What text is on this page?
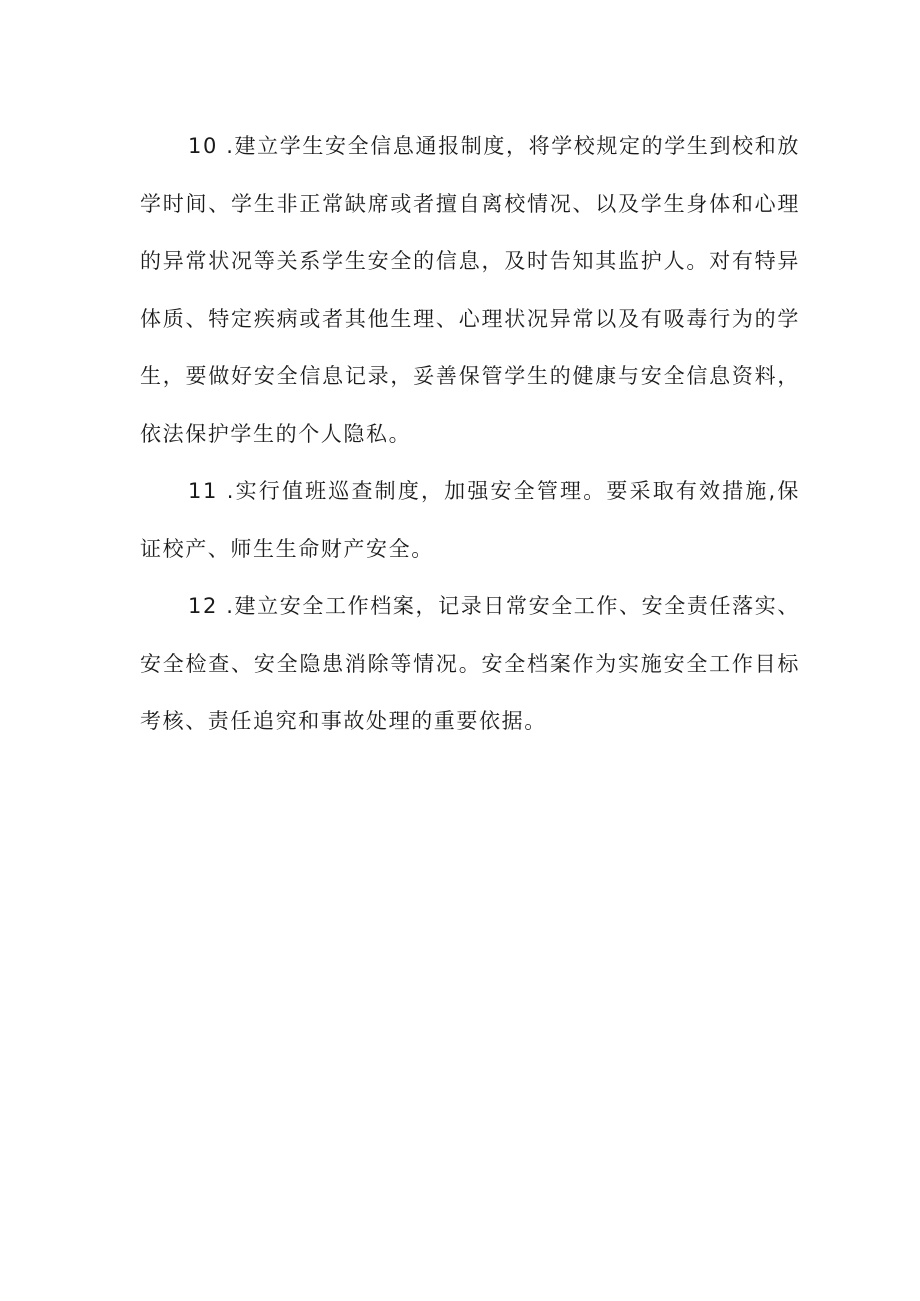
10 .建立学生安全信息通报制度，将学校规定的学生到校和放学时间、学生非正常缺席或者擅自离校情况、以及学生身体和心理的异常状况等关系学生安全的信息，及时告知其监护人。对有特异体质、特定疾病或者其他生理、心理状况异常以及有吸毒行为的学生，要做好安全信息记录，妥善保管学生的健康与安全信息资料，依法保护学生的个人隐私。

11 .实行值班巡查制度，加强安全管理。要采取有效措施,保证校产、师生生命财产安全。

12 .建立安全工作档案，记录日常安全工作、安全责任落实、安全检查、安全隐患消除等情况。安全档案作为实施安全工作目标考核、责任追究和事故处理的重要依据。
